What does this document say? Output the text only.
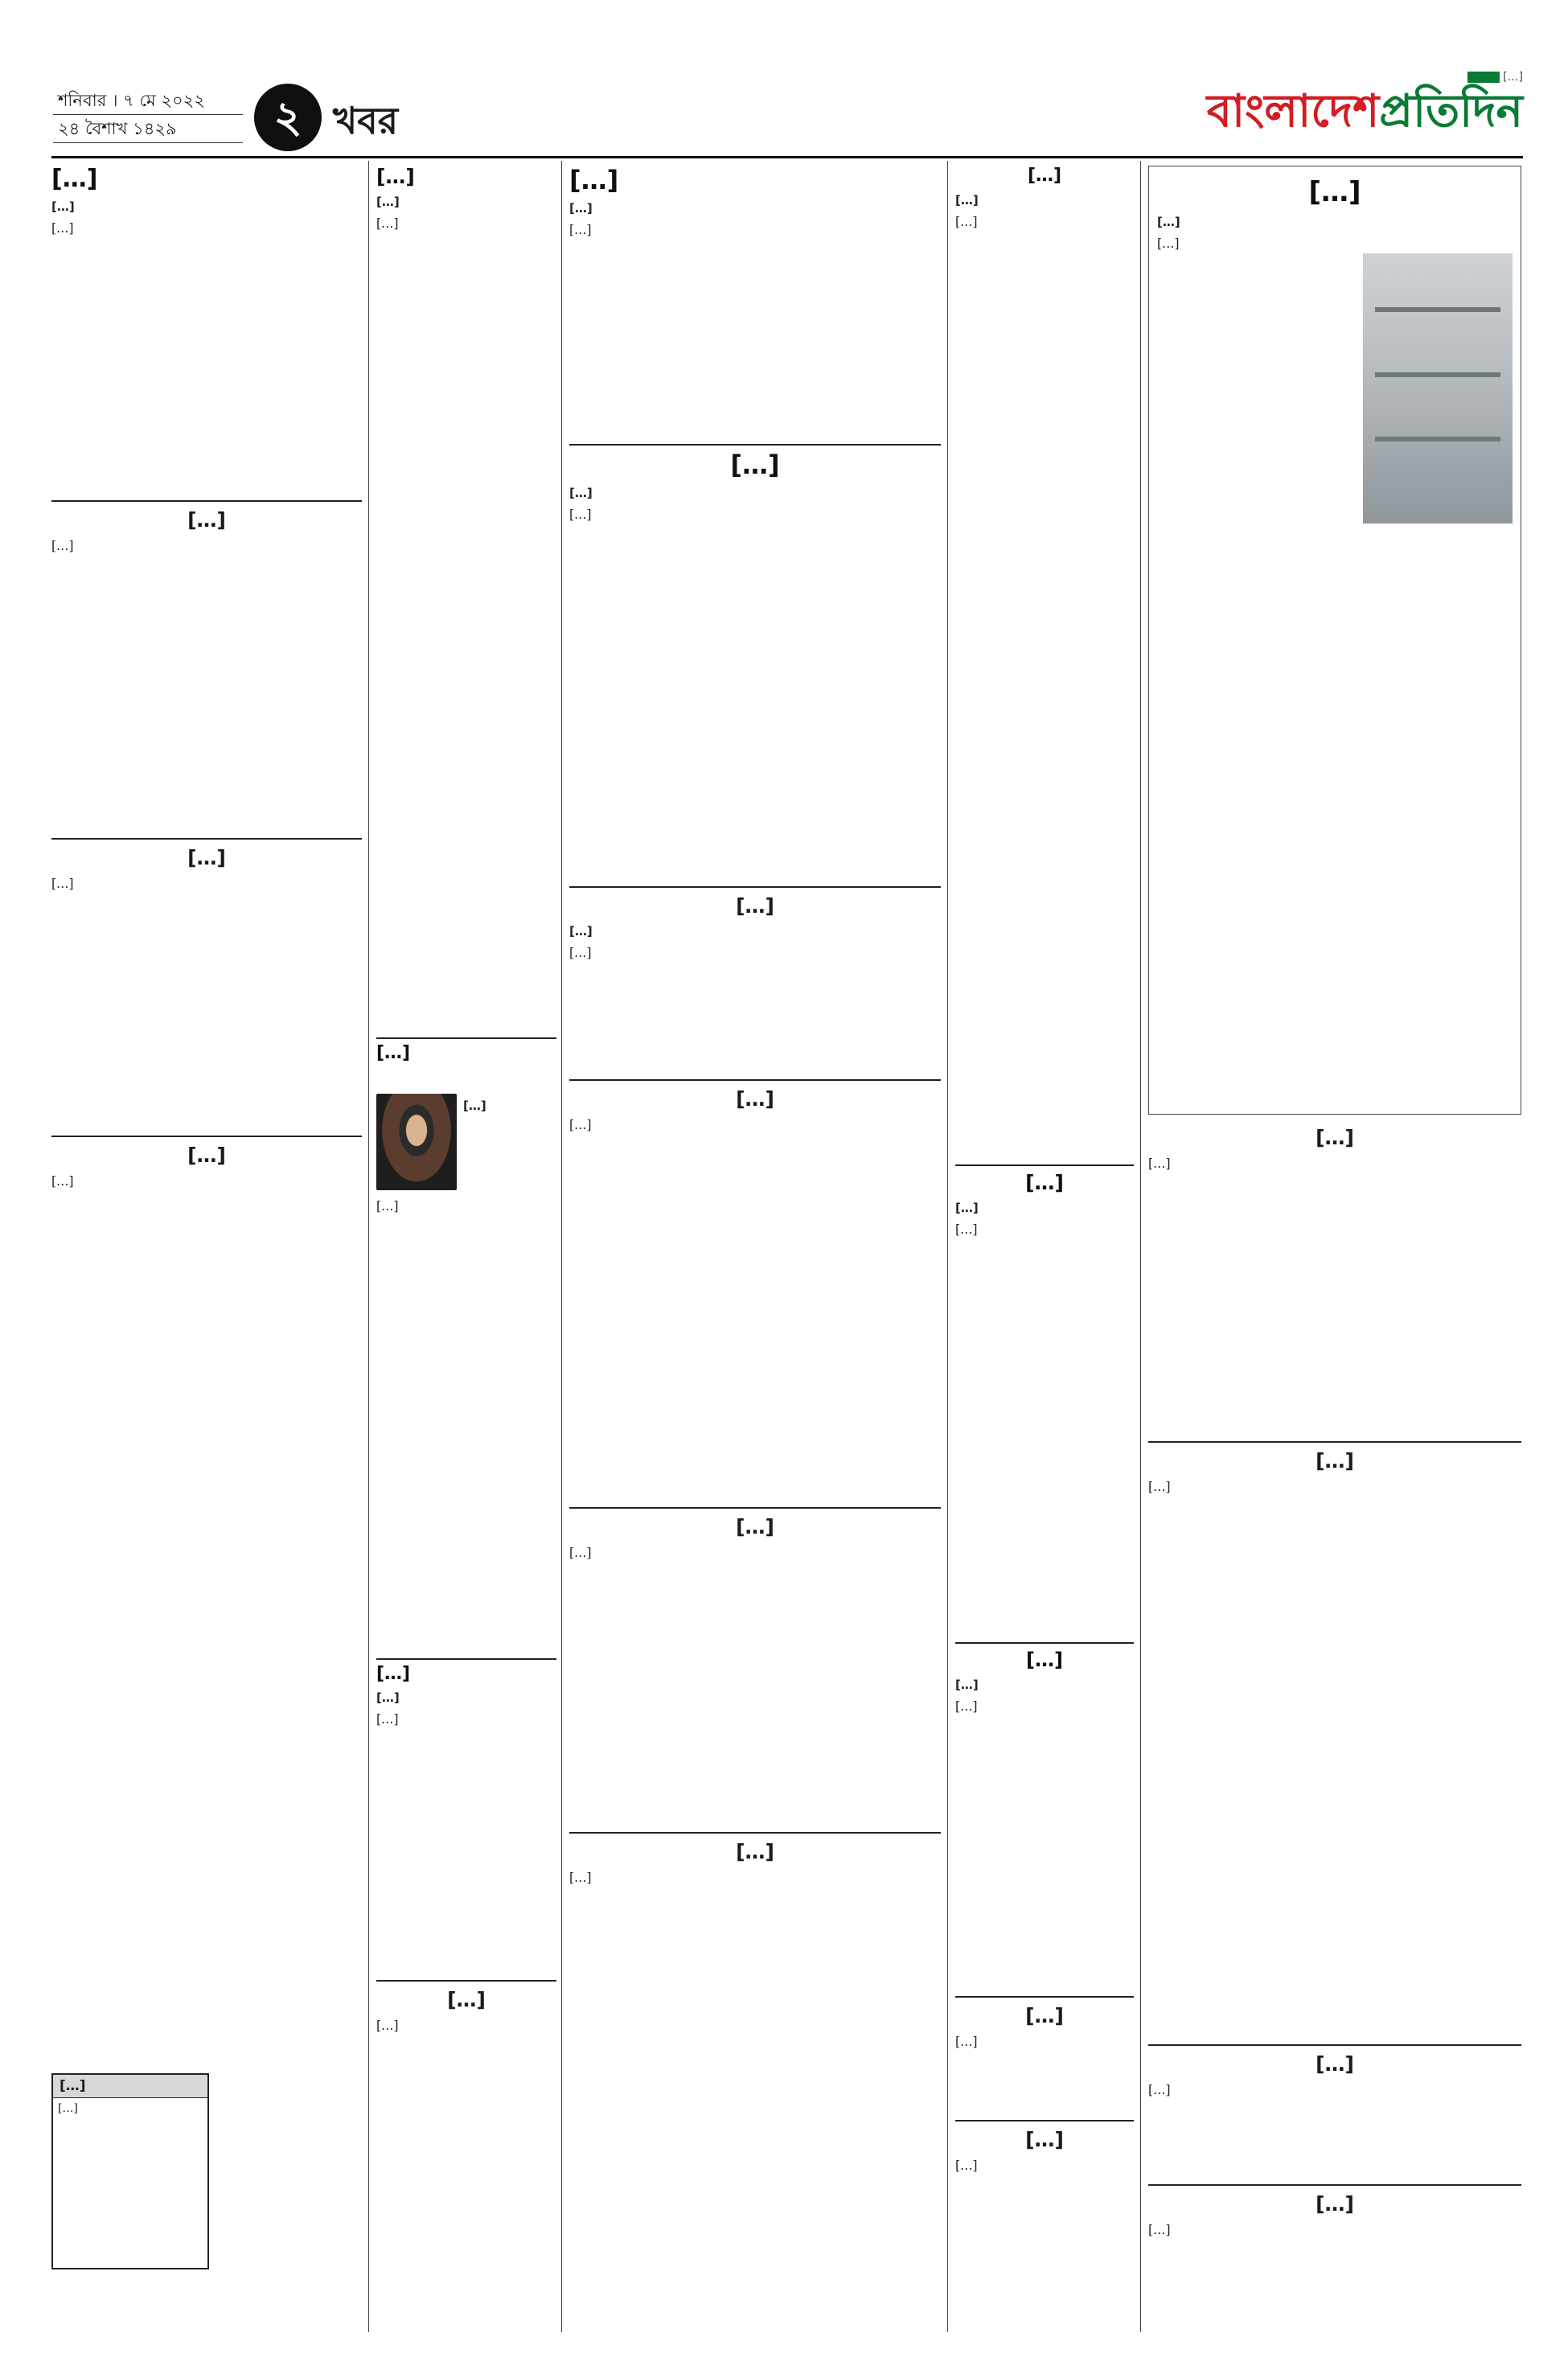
শনিবার । ৭ মে ২০২২
২৪ বৈশাখ ১৪২৯	২ খবর
[…]
বাংলাদেশপ্রতিদিন
[…]
[…]

[…]

[…]

[…]

[…]

[…]

[…]

[…]

[…]

[…]

[…]
[…]

[…]

[…]
[…]

[…]

[…]
[…]

[…]

[…]

[…]

[…]
[…]

[…]

[…]
[…]

[…]

[…]
[…]

[…]

[…]

[…]

[…]

[…]

[…]

[…]

[…]
[…]

[…]

[…]
[…]

[…]

[…]
[…]

[…]

[…]

[…]

[…]

[…]

[…]
[…]

[…]

[…]

[…]

[…]

[…]

[…]

[…]

[…]

[…]
